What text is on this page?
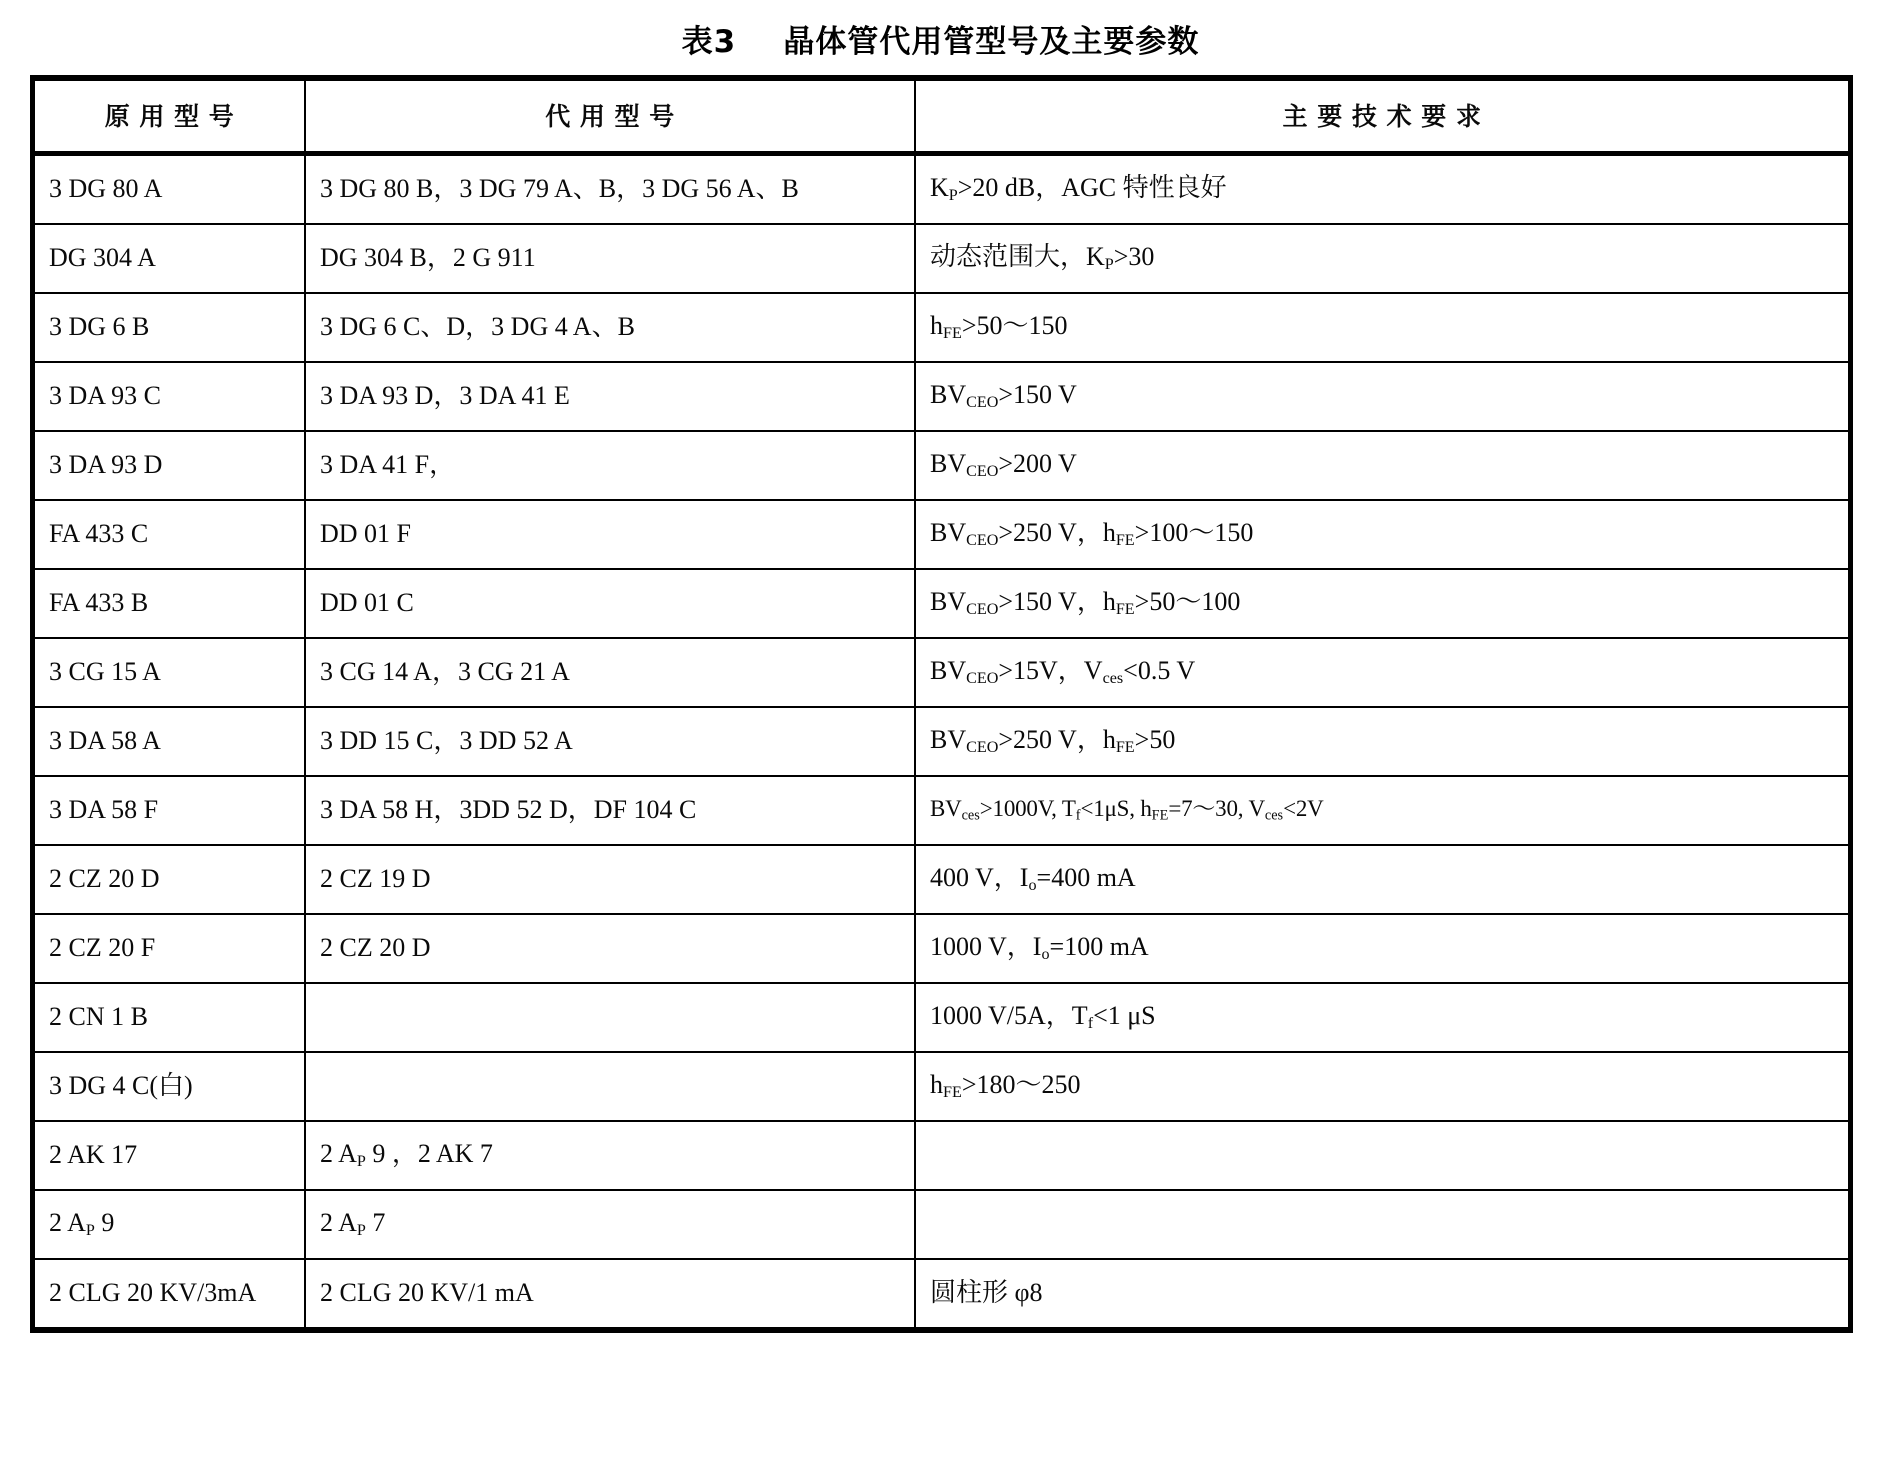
表3    晶体管代用管型号及主要参数
原 用 型 号	代 用 型 号	主 要 技 术 要 求
3 DG 80 A	3 DG 80 B，3 DG 79 A、B，3 DG 56 A、B	$K_P>20$ dB，AGC 特性良好
DG 304 A	DG 304 B，2 G 911	动态范围大，$K_P>30$
3 DG 6 B	3 DG 6 C、D，3 DG 4 A、B	$h_{FE}>50\sim 150$
3 DA 93 C	3 DA 93 D，3 DA 41 E	$BV_{CEO}>150$ V
3 DA 93 D	3 DA 41 F，	$BV_{CEO}>200$ V
FA 433 C	DD 01 F	$BV_{CEO}>250$ V，$h_{FE}>100\sim 150$
FA 433 B	DD 01 C	$BV_{CEO}>150$ V，$h_{FE}>50\sim 100$
3 CG 15 A	3 CG 14 A，3 CG 21 A	$BV_{CEO}>15V$，$V_{ces}<0.5$ V
3 DA 58 A	3 DD 15 C，3 DD 52 A	$BV_{CEO}>250$ V，$h_{FE}>50$
3 DA 58 F	3 DA 58 H，3DD 52 D，DF 104 C	$BV_{ces}>1000V$, $T_f<1\mu S$, $h_{FE}=7\sim 30$, $V_{ces}<2V$
2 CZ 20 D	2 CZ 19 D	400 V，$I_o=400$ mA
2 CZ 20 F	2 CZ 20 D	1000 V，$I_o=100$ mA
2 CN 1 B		1000 V/5A，$T_f<1$ μS
3 DG 4 C(白)		$h_{FE}>180\sim 250$
2 AK 17	2 $A_P$ 9 ，2 AK 7	
2 $A_P$ 9	2 $A_P$ 7	
2 CLG 20 KV/3mA	2 CLG 20 KV/1 mA	圆柱形 φ8
